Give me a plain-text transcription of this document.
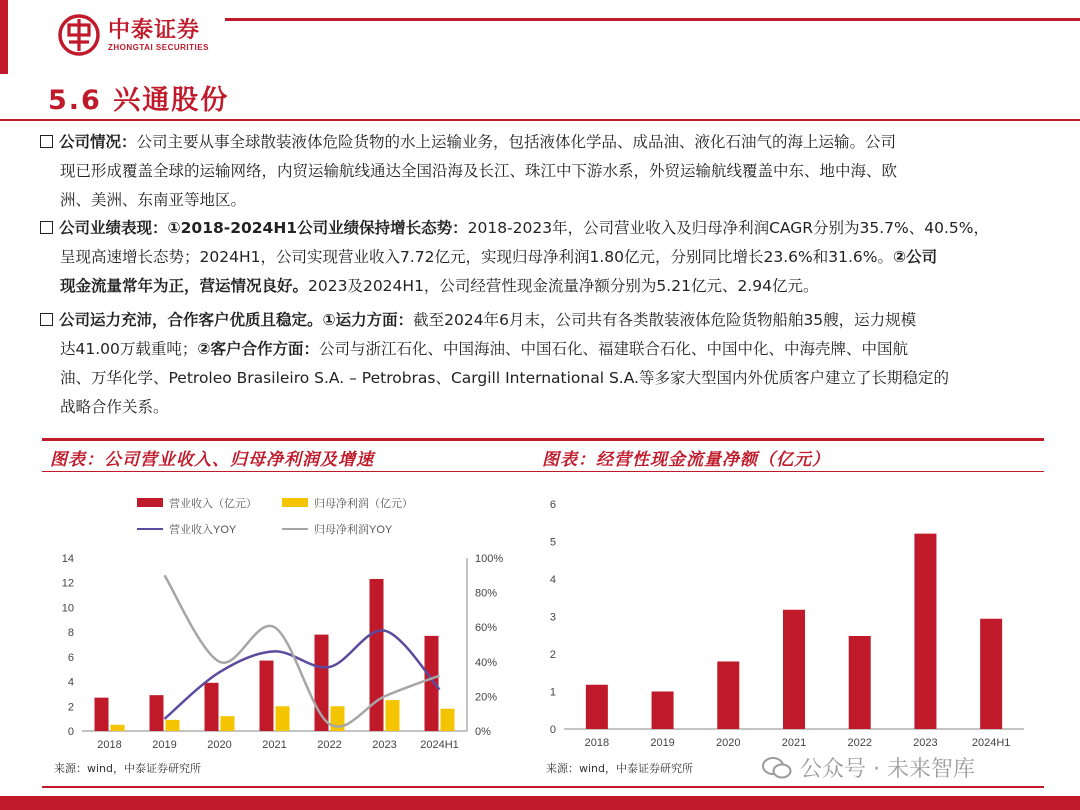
中泰证券
ZHONGTAI SECURITIES
5.6 兴通股份
公司情况：公司主要从事全球散装液体危险货物的水上运输业务，包括液体化学品、成品油、液化石油气的海上运输。公司
现已形成覆盖全球的运输网络，内贸运输航线通达全国沿海及长江、珠江中下游水系，外贸运输航线覆盖中东、地中海、欧
洲、美洲、东南亚等地区。
公司业绩表现：①2018-2024H1公司业绩保持增长态势：2018-2023年，公司营业收入及归母净利润CAGR分别为35.7%、40.5%，
呈现高速增长态势；2024H1，公司实现营业收入7.72亿元，实现归母净利润1.80亿元，分别同比增长23.6%和31.6%。②公司
现金流量常年为正，营运情况良好。2023及2024H1，公司经营性现金流量净额分别为5.21亿元、2.94亿元。
公司运力充沛，合作客户优质且稳定。①运力方面：截至2024年6月末，公司共有各类散装液体危险货物船舶35艘，运力规模
达41.00万载重吨；②客户合作方面：公司与浙江石化、中国海油、中国石化、福建联合石化、中国中化、中海壳牌、中国航
油、万华化学、Petroleo Brasileiro S.A. – Petrobras、Cargill International S.A.等多家大型国内外优质客户建立了长期稳定的
战略合作关系。
图表：公司营业收入、归母净利润及增速
营业收入（亿元）	归母净利润（亿元）
营业收入YOY	归母净利润YOY
0
2
4
6
8
10
12
14
0%
20%
40%
60%
80%
100%
2018	2019	2020	2021	2022	2023 2024H1
来源：wind，中泰证券研究所
图表：经营性现金流量净额（亿元）
0
1
2
3
4
5
6
2018	2019	2020	2021	2022	2023	2024H1
来源：wind，中泰证券研究所	公众号 · 未来智库
